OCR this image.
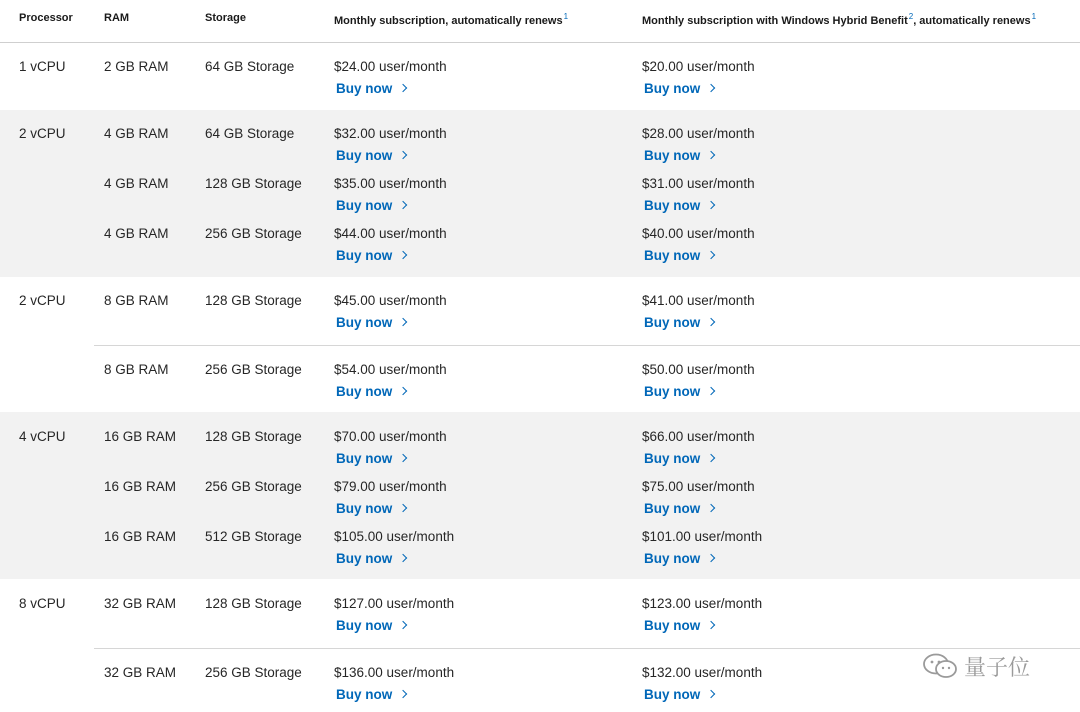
Processor	RAM	Storage	Monthly subscription, automatically renews$^1$	Monthly subscription with Windows Hybrid Benefit$^2$, automatically renews$^1$
1 vCPU	2 GB RAM	64 GB Storage	$24.00 user/month	$20.00 user/month
Buy now	Buy now
2 vCPU	4 GB RAM	64 GB Storage	$32.00 user/month	$28.00 user/month
Buy now	Buy now
4 GB RAM	128 GB Storage $35.00 user/month	$31.00 user/month
Buy now	Buy now
4 GB RAM	256 GB Storage $44.00 user/month	$40.00 user/month
Buy now	Buy now
2 vCPU	8 GB RAM	128 GB Storage $45.00 user/month	$41.00 user/month
Buy now	Buy now
8 GB RAM	256 GB Storage $54.00 user/month	$50.00 user/month
Buy now	Buy now
4 vCPU	16 GB RAM 128 GB Storage $70.00 user/month	$66.00 user/month
Buy now	Buy now
16 GB RAM 256 GB Storage $79.00 user/month	$75.00 user/month
Buy now	Buy now
16 GB RAM 512 GB Storage $105.00 user/month	$101.00 user/month
Buy now	Buy now
8 vCPU	32 GB RAM 128 GB Storage $127.00 user/month	$123.00 user/month
Buy now	Buy now
32 GB RAM 256 GB Storage $136.00 user/month	$132.00 user/month
Buy now	Buy now
量子位
